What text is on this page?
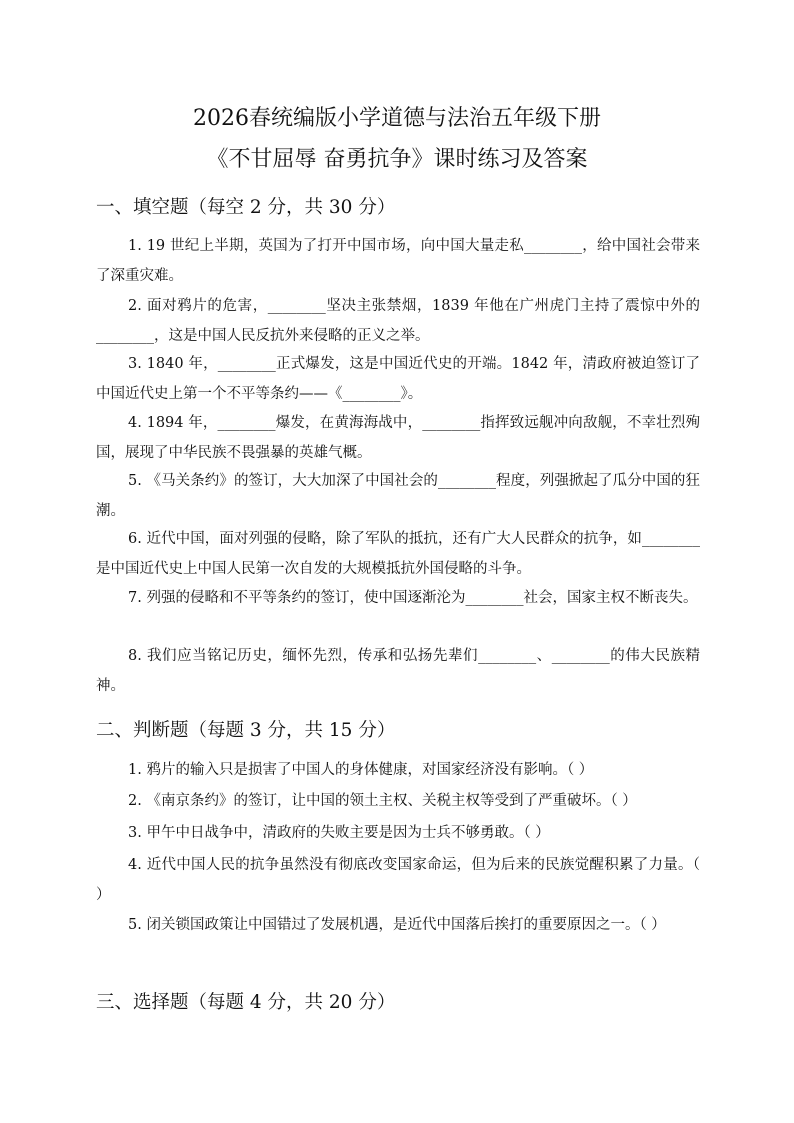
2026春统编版小学道德与法治五年级下册
《不甘屈辱 奋勇抗争》课时练习及答案
一、填空题（每空 2 分，共 30 分）
1. 19 世纪上半期，英国为了打开中国市场，向中国大量走私________，给中国社会带来了深重灾难。
2. 面对鸦片的危害，________坚决主张禁烟，1839 年他在广州虎门主持了震惊中外的________，这是中国人民反抗外来侵略的正义之举。
3. 1840 年，________正式爆发，这是中国近代史的开端。1842 年，清政府被迫签订了中国近代史上第一个不平等条约——《________》。
4. 1894 年，________爆发，在黄海海战中，________指挥致远舰冲向敌舰，不幸壮烈殉国，展现了中华民族不畏强暴的英雄气概。
5. 《马关条约》的签订，大大加深了中国社会的________程度，列强掀起了瓜分中国的狂潮。
6. 近代中国，面对列强的侵略，除了军队的抵抗，还有广大人民群众的抗争，如________是中国近代史上中国人民第一次自发的大规模抵抗外国侵略的斗争。
7. 列强的侵略和不平等条约的签订，使中国逐渐沦为________社会，国家主权不断丧失。
8. 我们应当铭记历史，缅怀先烈，传承和弘扬先辈们________、________的伟大民族精神。
二、判断题（每题 3 分，共 15 分）
1. 鸦片的输入只是损害了中国人的身体健康，对国家经济没有影响。（ ）
2. 《南京条约》的签订，让中国的领土主权、关税主权等受到了严重破坏。（ ）
3. 甲午中日战争中，清政府的失败主要是因为士兵不够勇敢。（ ）
4. 近代中国人民的抗争虽然没有彻底改变国家命运，但为后来的民族觉醒积累了力量。（ ）
5. 闭关锁国政策让中国错过了发展机遇，是近代中国落后挨打的重要原因之一。（ ）
三、选择题（每题 4 分，共 20 分）
